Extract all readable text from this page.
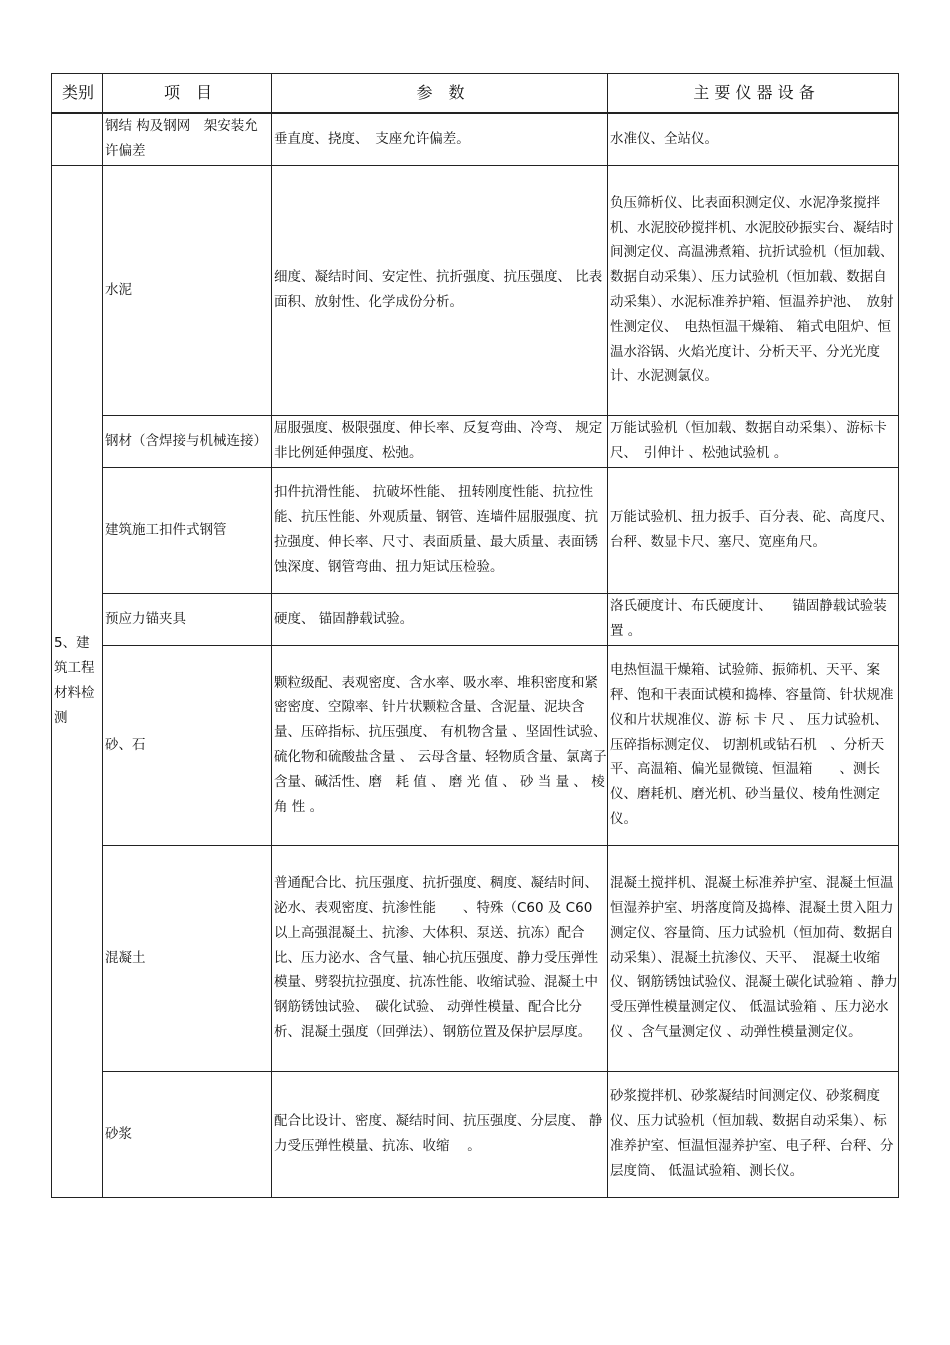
类别	项　目	参　数	主 要 仪 器 设 备
	钢结 构及钢网　架安装允许偏差	垂直度、挠度、　支座允许偏差。	水准仪、全站仪。
5、建筑工程材料检测	水泥	细度、凝结时间、安定性、抗折强度、抗压强度、 比表面积、放射性、化学成份分析。	负压筛析仪、比表面积测定仪、水泥净浆搅拌机、水泥胶砂搅拌机、水泥胶砂振实台、凝结时间测定仪、高温沸煮箱、抗折试验机（恒加载、数据自动采集）、压力试验机（恒加载、数据自动采集）、水泥标准养护箱、恒温养护池、　放射性测定仪、　电热恒温干燥箱、 箱式电阻炉、恒温水浴锅、火焰光度计、分析天平、分光光度计、水泥测氯仪。
	钢材（含焊接与机械连接）	屈服强度、极限强度、伸长率、反复弯曲、冷弯、 规定非比例延伸强度、松弛。	万能试验机（恒加载、数据自动采集）、游标卡尺、　引伸计 、松弛试验机 。
	建筑施工扣件式钢管	扣件抗滑性能、 抗破坏性能、 扭转刚度性能、抗拉性能、抗压性能、外观质量、钢管、连墙件屈服强度、抗拉强度、伸长率、尺寸、表面质量、最大质量、表面锈蚀深度、钢管弯曲、扭力矩试压检验。	万能试验机、扭力扳手、百分表、砣、高度尺、　台秤、数显卡尺、塞尺、宽座角尺。
	预应力锚夹具	硬度、 锚固静载试验。	洛氏硬度计、布氏硬度计、　　锚固静载试验装置 。
	砂、石	颗粒级配、表观密度、含水率、吸水率、堆积密度和紧密密度、空隙率、针片状颗粒含量、含泥量、泥块含量、压碎指标、抗压强度、 有机物含量 、坚固性试验、硫化物和硫酸盐含量 、 云母含量、轻物质含量、氯离子含量、碱活性、磨　耗 值 、 磨 光 值 、 砂 当 量 、 棱 角 性 。	电热恒温干燥箱、试验筛、振筛机、天平、案秤、饱和干表面试模和捣棒、容量筒、针状规准仪和片状规准仪、游 标 卡 尺 、 压力试验机、压碎指标测定仪、 切割机或钻石机　、分析天平、高温箱、偏光显微镜、恒温箱　　、测长仪、磨耗机、磨光机、砂当量仪、棱角性测定仪。
	混凝土	普通配合比、抗压强度、抗折强度、稠度、凝结时间、泌水、表观密度、抗渗性能　　、特殊（C60 及 C60 以上高强混凝土、抗渗、大体积、泵送、抗冻）配合比、压力泌水、含气量、轴心抗压强度、静力受压弹性模量、劈裂抗拉强度、抗冻性能、收缩试验、混凝土中钢筋锈蚀试验、　碳化试验、 动弹性模量、配合比分析、混凝土强度（回弹法）、钢筋位置及保护层厚度。	混凝土搅拌机、混凝土标准养护室、混凝土恒温恒湿养护室、坍落度筒及捣棒、混凝土贯入阻力测定仪、容量筒、压力试验机（恒加荷、数据自动采集）、混凝土抗渗仪、天平、　混凝土收缩仪、钢筋锈蚀试验仪、混凝土碳化试验箱 、静力受压弹性模量测定仪、 低温试验箱 、压力泌水仪 、含气量测定仪 、动弹性模量测定仪。
	砂浆	配合比设计、密度、凝结时间、抗压强度、分层度、 静力受压弹性模量、抗冻、收缩　 。	砂浆搅拌机、砂浆凝结时间测定仪、砂浆稠度仪、压力试验机（恒加载、数据自动采集）、标准养护室、恒温恒湿养护室、电子秤、台秤、分层度筒、 低温试验箱、测长仪。
